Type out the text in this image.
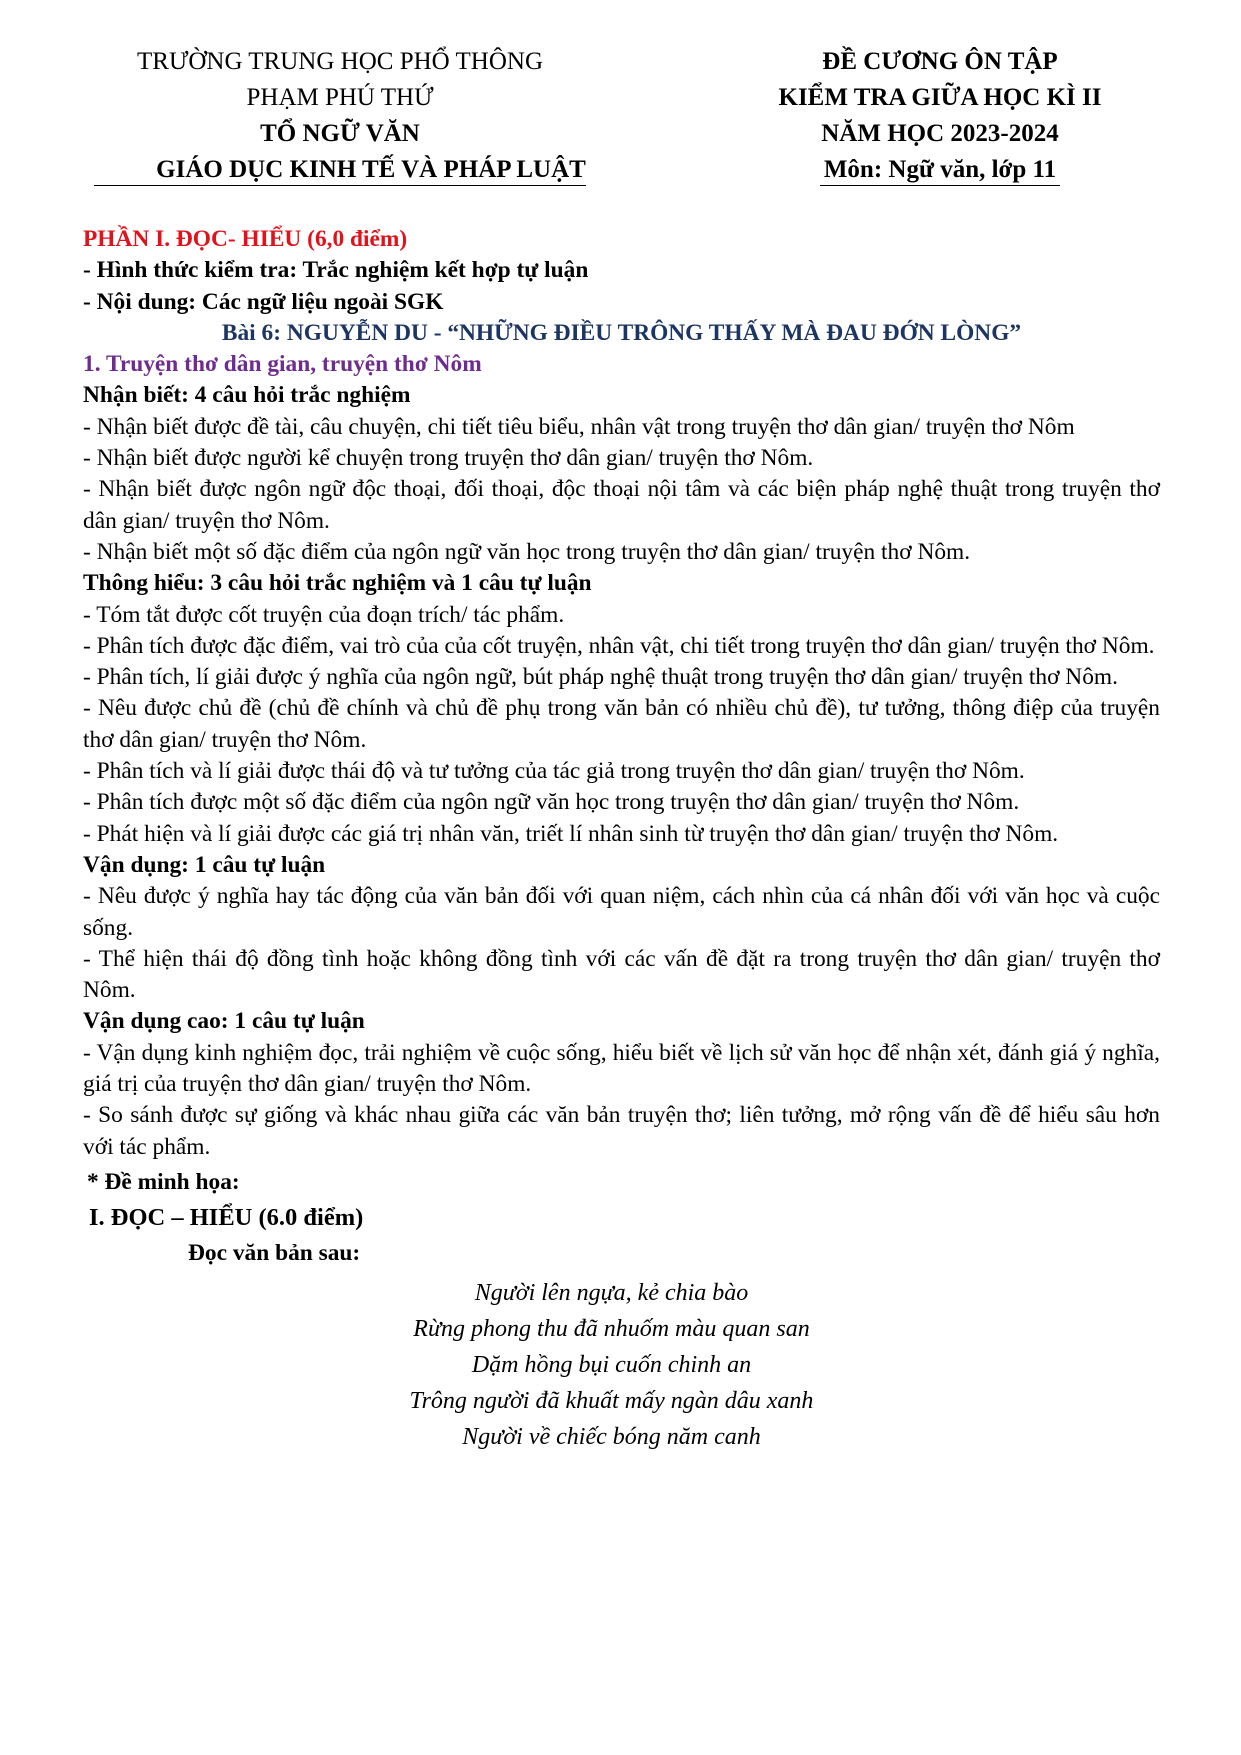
TRƯỜNG TRUNG HỌC PHỔ THÔNG
PHẠM PHÚ THỨ
TỔ NGỮ VĂN
GIÁO DỤC KINH TẾ VÀ PHÁP LUẬT
ĐỀ CƯƠNG ÔN TẬP
KIỂM TRA GIỮA HỌC KÌ II
NĂM HỌC 2023-2024
Môn: Ngữ văn, lớp 11
PHẦN I. ĐỌC- HIỂU (6,0 điểm)
- Hình thức kiểm tra: Trắc nghiệm kết hợp tự luận
- Nội dung: Các ngữ liệu ngoài SGK
Bài 6: NGUYỄN DU - “NHỮNG ĐIỀU TRÔNG THẤY MÀ ĐAU ĐỚN LÒNG”
1. Truyện thơ dân gian, truyện thơ Nôm
Nhận biết: 4 câu hỏi trắc nghiệm
- Nhận biết được đề tài, câu chuyện, chi tiết tiêu biểu, nhân vật trong truyện thơ dân gian/ truyện thơ Nôm
- Nhận biết được người kể chuyện trong truyện thơ dân gian/ truyện thơ Nôm.
- Nhận biết được ngôn ngữ độc thoại, đối thoại, độc thoại nội tâm và các biện pháp nghệ thuật trong truyện thơ dân gian/ truyện thơ Nôm.
- Nhận biết một số đặc điểm của ngôn ngữ văn học trong truyện thơ dân gian/ truyện thơ Nôm.
Thông hiểu: 3 câu hỏi trắc nghiệm và 1 câu tự luận
- Tóm tắt được cốt truyện của đoạn trích/ tác phẩm.
- Phân tích được đặc điểm, vai trò của của cốt truyện, nhân vật, chi tiết trong truyện thơ dân gian/ truyện thơ Nôm.
- Phân tích, lí giải được ý nghĩa của ngôn ngữ, bút pháp nghệ thuật trong truyện thơ dân gian/ truyện thơ Nôm.
- Nêu được chủ đề (chủ đề chính và chủ đề phụ trong văn bản có nhiều chủ đề), tư tưởng, thông điệp của truyện thơ dân gian/ truyện thơ Nôm.
- Phân tích và lí giải được thái độ và tư tưởng của tác giả trong truyện thơ dân gian/ truyện thơ Nôm.
- Phân tích được một số đặc điểm của ngôn ngữ văn học trong truyện thơ dân gian/ truyện thơ Nôm.
- Phát hiện và lí giải được các giá trị nhân văn, triết lí nhân sinh từ truyện thơ dân gian/ truyện thơ Nôm.
Vận dụng: 1 câu tự luận
- Nêu được ý nghĩa hay tác động của văn bản đối với quan niệm, cách nhìn của cá nhân đối với văn học và cuộc sống.
- Thể hiện thái độ đồng tình hoặc không đồng tình với các vấn đề đặt ra trong truyện thơ dân gian/ truyện thơ Nôm.
Vận dụng cao: 1 câu tự luận
- Vận dụng kinh nghiệm đọc, trải nghiệm về cuộc sống, hiểu biết về lịch sử văn học để nhận xét, đánh giá ý nghĩa, giá trị của truyện thơ dân gian/ truyện thơ Nôm.
- So sánh được sự giống và khác nhau giữa các văn bản truyện thơ; liên tưởng, mở rộng vấn đề để hiểu sâu hơn với tác phẩm.
* Đề minh họa:
I. ĐỌC – HIỂU (6.0 điểm)
Đọc văn bản sau:
Người lên ngựa, kẻ chia bào
Rừng phong thu đã nhuốm màu quan san
Dặm hồng bụi cuốn chinh an
Trông người đã khuất mấy ngàn dâu xanh
Người về chiếc bóng năm canh
